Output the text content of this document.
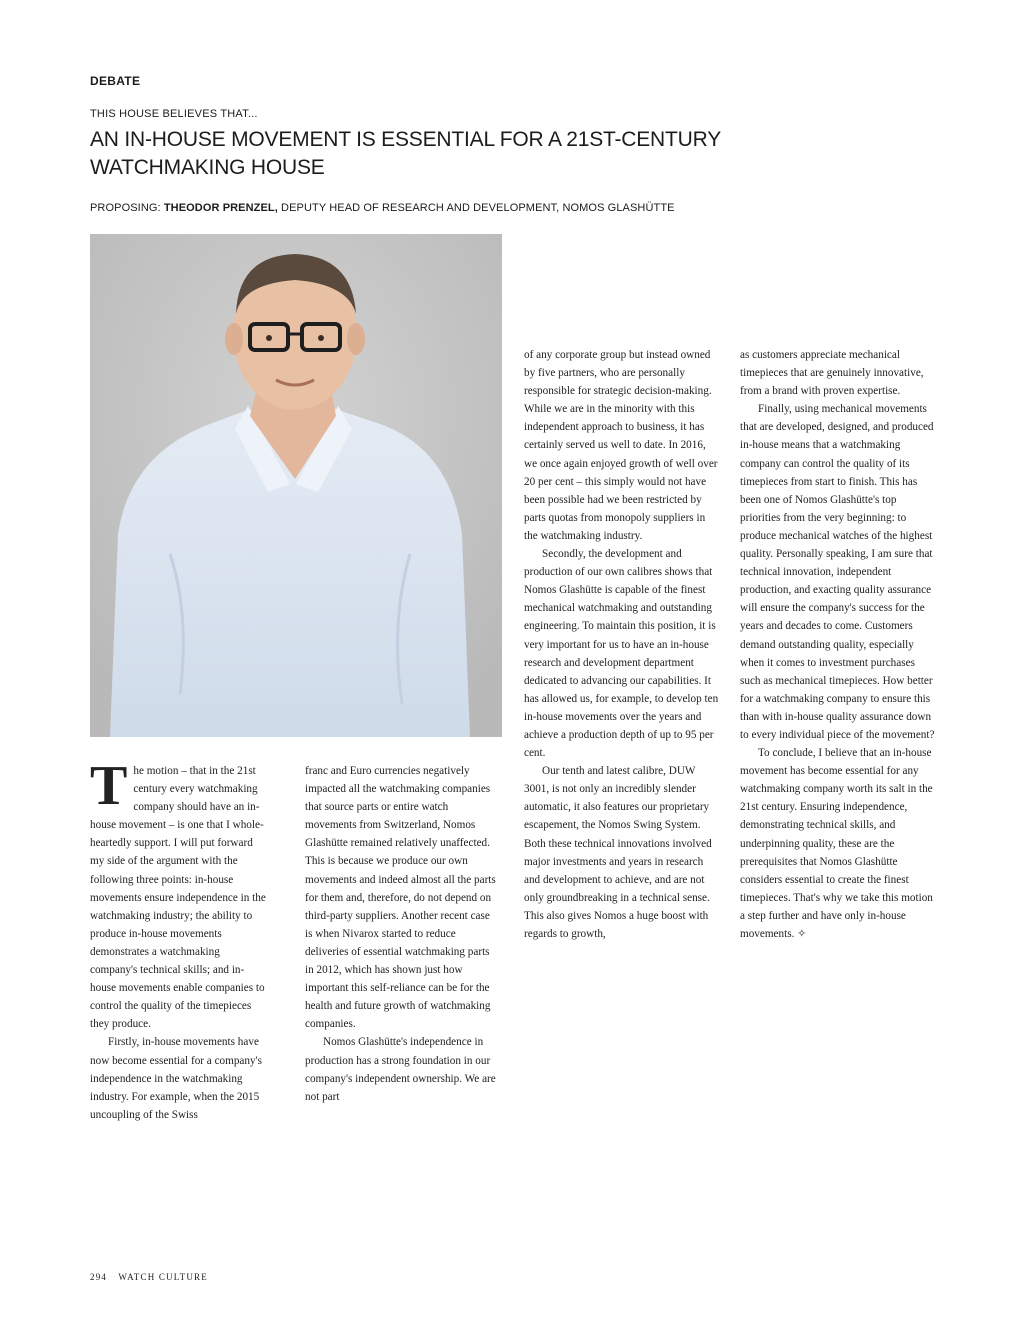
DEBATE
THIS HOUSE BELIEVES THAT...
AN IN-HOUSE MOVEMENT IS ESSENTIAL FOR A 21ST-CENTURY WATCHMAKING HOUSE
PROPOSING: THEODOR PRENZEL, DEPUTY HEAD OF RESEARCH AND DEVELOPMENT, NOMOS GLASHÜTTE

The motion – that in the 21st century every watchmaking company should have an in-house movement – is one that I whole-heartedly support. I will put forward my side of the argument with the following three points: in-house movements ensure independence in the watchmaking industry; the ability to produce in-house movements demonstrates a watchmaking company's technical skills; and in-house movements enable companies to control the quality of the timepieces they produce.

Firstly, in-house movements have now become essential for a company's independence in the watchmaking industry. For example, when the 2015 uncoupling of the Swiss

franc and Euro currencies negatively impacted all the watchmaking companies that source parts or entire watch movements from Switzerland, Nomos Glashütte remained relatively unaffected. This is because we produce our own movements and indeed almost all the parts for them and, therefore, do not depend on third-party suppliers. Another recent case is when Nivarox started to reduce deliveries of essential watchmaking parts in 2012, which has shown just how important this self-reliance can be for the health and future growth of watchmaking companies.

Nomos Glashütte's independence in production has a strong foundation in our company's independent ownership. We are not part

of any corporate group but instead owned by five partners, who are personally responsible for strategic decision-making. While we are in the minority with this independent approach to business, it has certainly served us well to date. In 2016, we once again enjoyed growth of well over 20 per cent – this simply would not have been possible had we been restricted by parts quotas from monopoly suppliers in the watchmaking industry.

Secondly, the development and production of our own calibres shows that Nomos Glashütte is capable of the finest mechanical watchmaking and outstanding engineering. To maintain this position, it is very important for us to have an in-house research and development department dedicated to advancing our capabilities. It has allowed us, for example, to develop ten in-house movements over the years and achieve a production depth of up to 95 per cent.

Our tenth and latest calibre, DUW 3001, is not only an incredibly slender automatic, it also features our proprietary escapement, the Nomos Swing System. Both these technical innovations involved major investments and years in research and development to achieve, and are not only groundbreaking in a technical sense. This also gives Nomos a huge boost with regards to growth,

as customers appreciate mechanical timepieces that are genuinely innovative, from a brand with proven expertise.

Finally, using mechanical movements that are developed, designed, and produced in-house means that a watchmaking company can control the quality of its timepieces from start to finish. This has been one of Nomos Glashütte's top priorities from the very beginning: to produce mechanical watches of the highest quality. Personally speaking, I am sure that technical innovation, independent production, and exacting quality assurance will ensure the company's success for the years and decades to come. Customers demand outstanding quality, especially when it comes to investment purchases such as mechanical timepieces. How better for a watchmaking company to ensure this than with in-house quality assurance down to every individual piece of the movement?

To conclude, I believe that an in-house movement has become essential for any watchmaking company worth its salt in the 21st century. Ensuring independence, demonstrating technical skills, and underpinning quality, these are the prerequisites that Nomos Glashütte considers essential to create the finest timepieces. That's why we take this motion a step further and have only in-house movements. ✧

294 WATCH CULTURE
